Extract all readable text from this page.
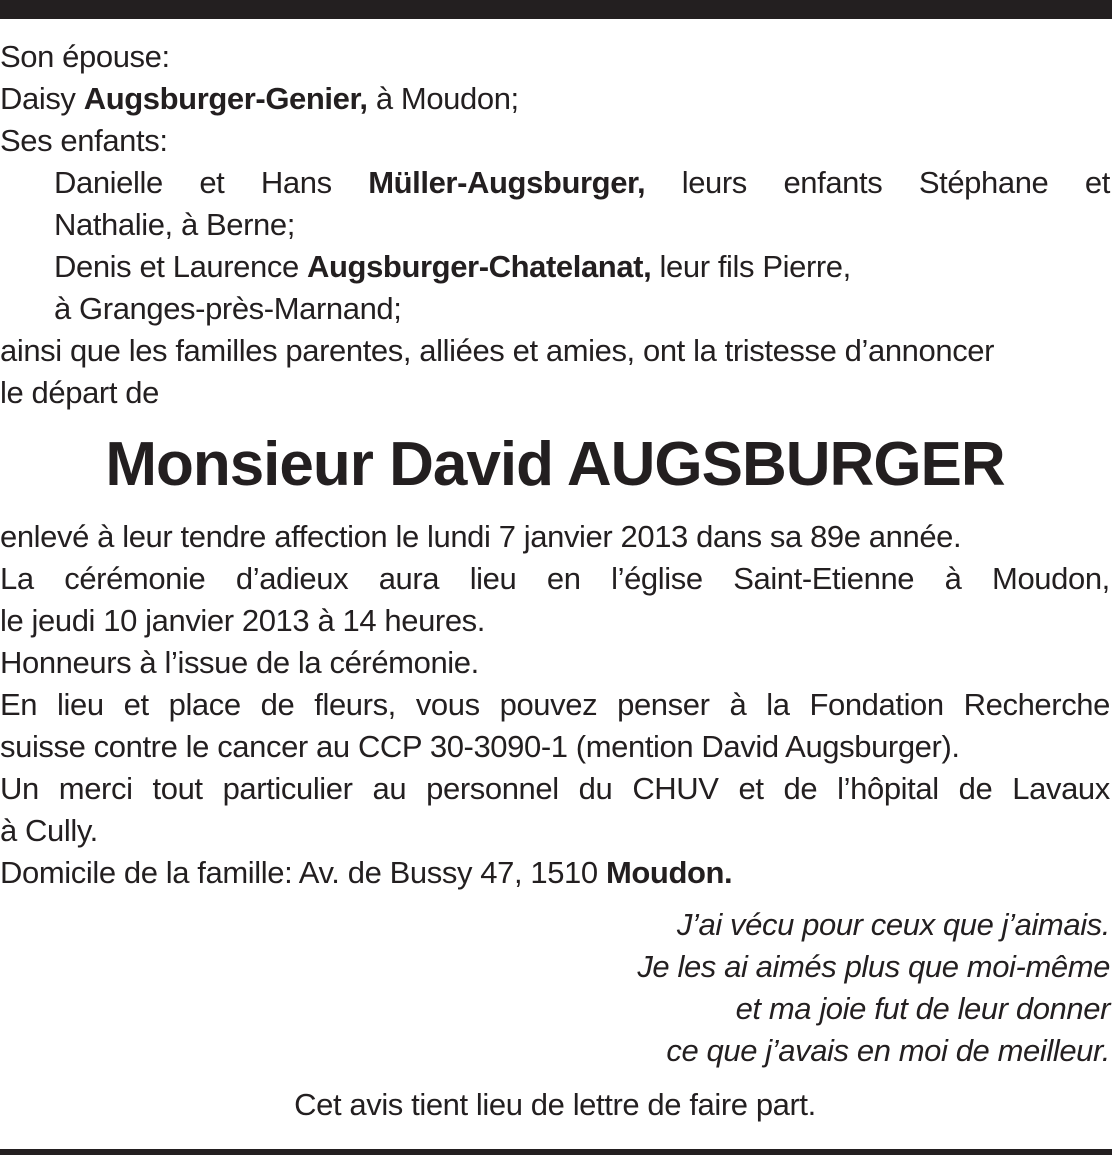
Son épouse:
Daisy Augsburger-Genier, à Moudon;
Ses enfants:
Danielle et Hans Müller-Augsburger, leurs enfants Stéphane et
Nathalie, à Berne;
Denis et Laurence Augsburger-Chatelanat, leur fils Pierre,
à Granges-près-Marnand;
ainsi que les familles parentes, alliées et amies, ont la tristesse d’annoncer
le départ de
Monsieur David AUGSBURGER
enlevé à leur tendre affection le lundi 7 janvier 2013 dans sa 89e année.
La cérémonie d’adieux aura lieu en l’église Saint-Etienne à Moudon,
le jeudi 10 janvier 2013 à 14 heures.
Honneurs à l’issue de la cérémonie.
En lieu et place de fleurs, vous pouvez penser à la Fondation Recherche
suisse contre le cancer au CCP 30-3090-1 (mention David Augsburger).
Un merci tout particulier au personnel du CHUV et de l’hôpital de Lavaux
à Cully.
Domicile de la famille: Av. de Bussy 47, 1510 Moudon.
J’ai vécu pour ceux que j’aimais.
Je les ai aimés plus que moi-même
et ma joie fut de leur donner
ce que j’avais en moi de meilleur.
Cet avis tient lieu de lettre de faire part.
